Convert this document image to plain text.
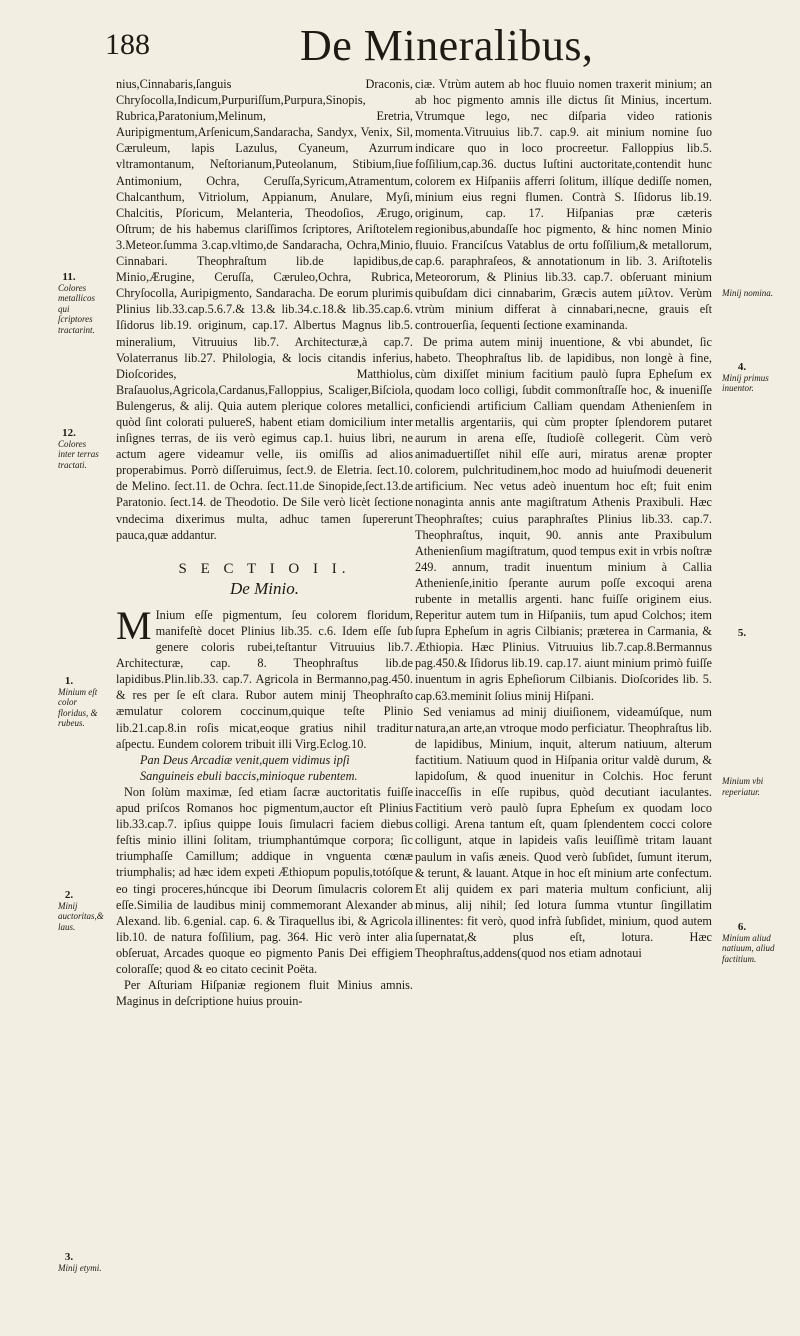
188	De Mineralibus,
11.
Colores metallicos qui ſcriptores tractarint.
12.
Colores inter terras tractati.
1.
Minium eſt color floridus, & rubeus.
2.
Minij auctoritas,& laus.
3.
Minij etymi.
Minij nomina.
4.
Minij primus inuentor.
5.
Minium vbi reperiatur.
6.
Minium aliud natiuum, aliud factitium.

nius,Cinnabaris,ſanguis Draconis, Chryſocolla,Indicum,Purpuriſſum,Purpura,Sinopis, Rubrica,Paratonium,Melinum, Eretria, Auripigmentum,Arſenicum,Sandaracha, Sandyx, Venix, Sil, Cæruleum, lapis Lazulus, Cyaneum, Azurrum vltramontanum, Neſtorianum,Puteolanum, Stibium,ſiue Antimonium, Ochra, Ceruſſa,Syricum,Atramentum, Chalcanthum, Vitriolum, Appianum, Anulare, Myſi, Chalcitis, Pſoricum, Melanteria, Theodoſios, Ærugo, Oſtrum; de his habemus clariſſimos ſcriptores, Ariſtotelem 3.Meteor.ſumma 3.cap.vltimo,de Sandaracha, Ochra,Minio, Cinnabari. Theophraſtum lib.de lapidibus,de Minio,Ærugine, Ceruſſa, Cæruleo,Ochra, Rubrica, Chryſocolla, Auripigmento, Sandaracha. De eorum plurimis Plinius lib.33.cap.5.6.7.& 13.& lib.34.c.18.& lib.35.cap.6. Iſidorus lib.19. originum, cap.17. Albertus Magnus lib.5. mineralium, Vitruuius lib.7. Architecturæ,à cap.7. Volaterranus lib.27. Philologia, & locis citandis inferius, Dioſcorides, Matthiolus, Braſauolus,Agricola,Cardanus,Falloppius, Scaliger,Biſciola, Bulengerus, & alij. Quia autem plerique colores metallici, quòd ſint colorati puluereS, habent etiam domicilium inter inſignes terras, de iis verò egimus cap.1. huius libri, ne actum agere videamur velle, iis omiſſis ad alios properabimus. Porrò diſſeruimus, ſect.9. de Eletria. ſect.10. de Melino. ſect.11. de Ochra. ſect.11.de Sinopide,ſect.13.de Paratonio. ſect.14. de Theodotio. De Sile verò licèt ſectione vndecima dixerimus multa, adhuc tamen ſupererunt pauca,quæ addantur.

S E C T I O I I.
De Minio.

M Inium eſſe pigmentum, ſeu colorem floridum, manifeſtè docet Plinius lib.35. c.6. Idem eſſe ſub genere coloris rubei,teſtantur Vitruuius lib.7. Architecturæ, cap. 8. Theophraſtus lib.de lapidibus.Plin.lib.33. cap.7. Agricola in Bermanno,pag.450. & res per ſe eſt clara. Rubor autem minij Theophraſto æmulatur colorem coccinum,quique teſte Plinio lib.21.cap.8.in roſis micat,eoque gratius nihil traditur aſpectu. Eundem colorem tribuit illi Virg.Eclog.10.

Pan Deus Arcadiæ venit,quem vidimus ipſi

Sanguineis ebuli baccis,minioque rubentem.

Non ſolùm maximæ, ſed etiam ſacræ auctoritatis fuiſſe apud priſcos Romanos hoc pigmentum,auctor eſt Plinius lib.33.cap.7. ipſius quippe Iouis ſimulacri faciem diebus feſtis minio illini ſolitam, triumphantúmque corpora; ſic triumphaſſe Camillum; addique in vnguenta cœnæ triumphalis; ad hæc idem expeti Æthiopum populis,totóſque eo tingi proceres,húncque ibi Deorum ſimulacris colorem eſſe.Similia de laudibus minij commemorant Alexander ab Alexand. lib. 6.genial. cap. 6. & Tiraquellus ibi, & Agricola lib.10. de natura foſſilium, pag. 364. Hic verò inter alia obſeruat, Arcades quoque eo pigmento Panis Dei effigiem coloraſſe; quod & eo citato cecinit Poëta.

Per Aſturiam Hiſpaniæ regionem fluit Minius amnis. Maginus in deſcriptione huius prouin-

ciæ. Vtrùm autem ab hoc fluuio nomen traxerit minium; an ab hoc pigmento amnis ille dictus ſit Minius, incertum. Vtrumque lego, nec diſparia video rationis momenta.Vitruuius lib.7. cap.9. ait minium nomine ſuo indicare quo in loco procreetur. Falloppius lib.5. foſſilium,cap.36. ductus Iuſtini auctoritate,contendit hunc colorem ex Hiſpaniis afferri ſolitum, illíque dediſſe nomen, minium eius regni flumen. Contrà S. Iſidorus lib.19. originum, cap. 17. Hiſpanias præ cæteris regionibus,abundaſſe hoc pigmento, & hinc nomen Minio fluuio. Franciſcus Vatablus de ortu foſſilium,& metallorum, cap.6. paraphraſeos, & annotationum in lib. 3. Ariſtotelis Meteororum, & Plinius lib.33. cap.7. obſeruant minium quibuſdam dici cinnabarim, Græcis autem μίλτον. Verùm vtrùm minium differat à cinnabari,necne, grauis eſt controuerſia, ſequenti ſectione examinanda.

De prima autem minij inuentione, & vbi abundet, ſic habeto. Theophraſtus lib. de lapidibus, non longè à fine, cùm dixiſſet minium facitium paulò ſupra Epheſum ex quodam loco colligi, ſubdit commonſtraſſe hoc, & inueniſſe conficiendi artificium Calliam quendam Athenienſem in metallis argentariis, qui cùm propter ſplendorem putaret aurum in arena eſſe, ſtudioſè collegerit. Cùm verò animaduertiſſet nihil eſſe auri, miratus arenæ propter colorem, pulchritudinem,hoc modo ad huiuſmodi deuenerit artificium. Nec vetus adeò inuentum hoc eſt; fuit enim nonaginta annis ante magiſtratum Athenis Praxibuli. Hæc Theophraſtes; cuius paraphraſtes Plinius lib.33. cap.7. Theophraſtus, inquit, 90. annis ante Praxibulum Athenienſium magiſtratum, quod tempus exit in vrbis noſtræ 249. annum, tradit inuentum minium à Callia Athenienſe,initio ſperante aurum poſſe excoqui arena rubente in metallis argenti. hanc fuiſſe originem eius. Reperitur autem tum in Hiſpaniis, tum apud Colchos; item ſupra Epheſum in agris Cilbianis; præterea in Carmania, & Æthiopia. Hæc Plinius. Vitruuius lib.7.cap.8.Bermannus pag.450.& Iſidorus lib.19. cap.17. aiunt minium primò fuiſſe inuentum in agris Epheſiorum Cilbianis. Dioſcorides lib. 5. cap.63.meminit ſolius minij Hiſpani.

Sed veniamus ad minij diuiſionem, videamúſque, num natura,an arte,an vtroque modo perficiatur. Theophraſtus lib. de lapidibus, Minium, inquit, alterum natiuum, alterum factitium. Natiuum quod in Hiſpania oritur valdè durum, & lapidoſum, & quod inuenitur in Colchis. Hoc ferunt inacceſſis in eſſe rupibus, quòd decutiant iaculantes. Factitium verò paulò ſupra Epheſum ex quodam loco colligi. Arena tantum eſt, quam ſplendentem cocci colore colligunt, atque in lapideis vaſis leuiſſimè tritam lauant paulum in vaſis æneis. Quod verò ſubſidet, ſumunt iterum, & terunt, & lauant. Atque in hoc eſt minium arte confectum. Et alij quidem ex pari materia multum conficiunt, alij minus, alij nihil; ſed lotura ſumma vtuntur ſingillatim illinentes: fit verò, quod infrà ſubſidet, minium, quod autem ſupernatat,& plus eſt, lotura. Hæc Theophraſtus,addens(quod nos etiam adnotaui
